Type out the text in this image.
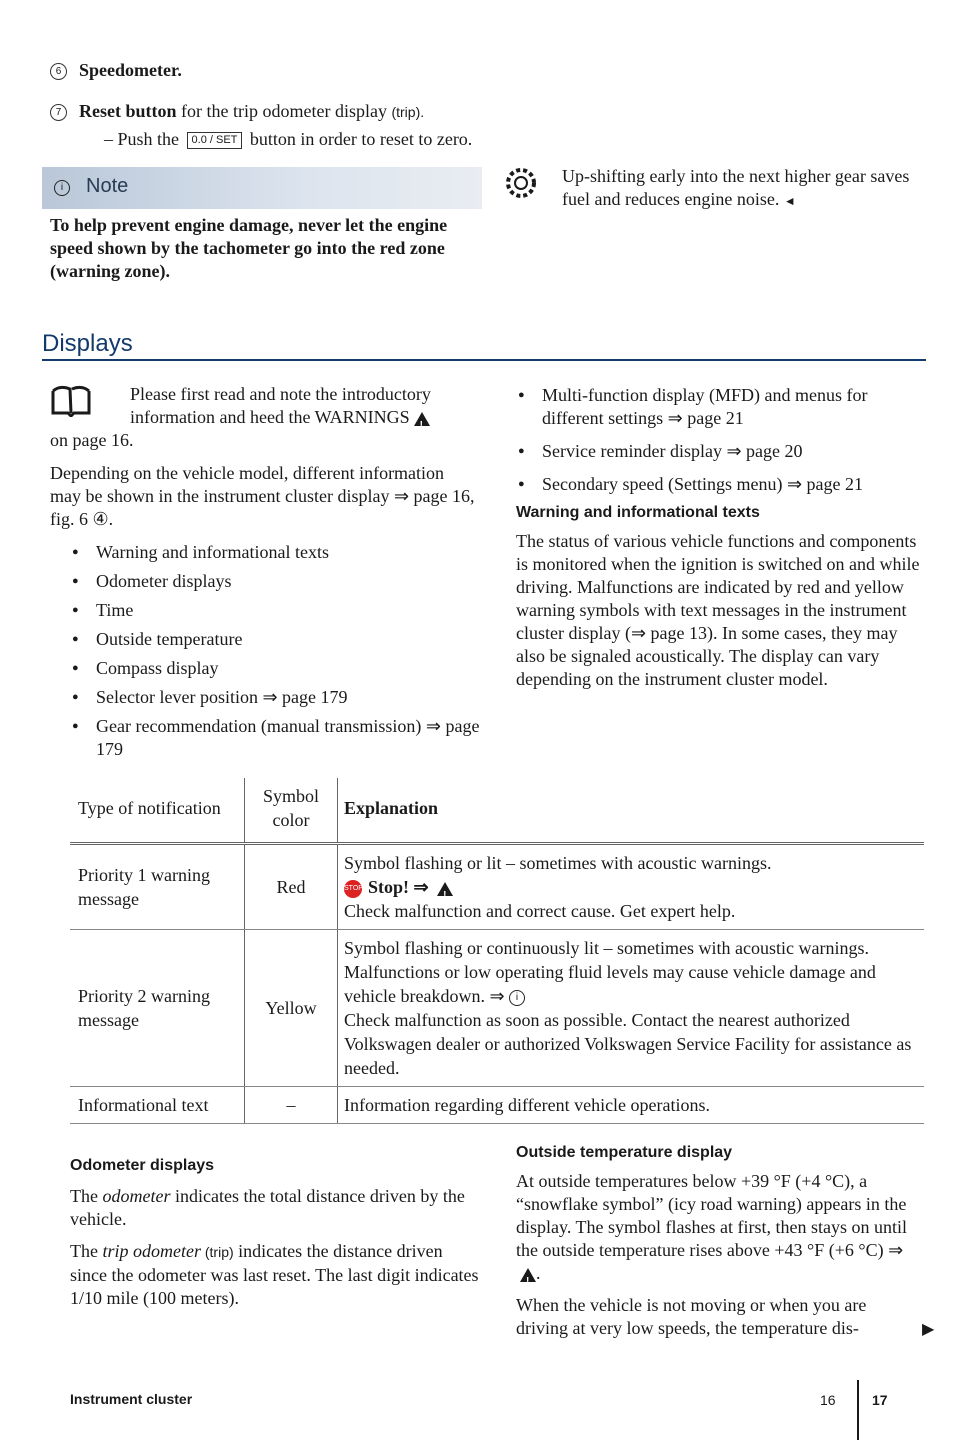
6 Speedometer.
7 Reset button for the trip odometer display (trip).
– Push the 0.0 / SET button in order to reset to zero.
i	Note
To help prevent engine damage, never let the engine speed shown by the tachometer go into the red zone (warning zone).
Up-shifting early into the next higher gear saves fuel and reduces engine noise. ◄
Displays
Please first read and note the introductory information and heed the WARNINGS!
on page 16.
Depending on the vehicle model, different information may be shown in the instrument cluster display ⇒ page 16, fig. 6 ④.
● Warning and informational texts
● Odometer displays
● Time
● Outside temperature
● Compass display
● Selector lever position ⇒ page 179
● Gear recommendation (manual transmission) ⇒ page 179
● Multi-function display (MFD) and menus for different settings ⇒ page 21
● Service reminder display ⇒ page 20
● Secondary speed (Settings menu) ⇒ page 21
Warning and informational texts
The status of various vehicle functions and components is monitored when the ignition is switched on and while driving. Malfunctions are indicated by red and yellow warning symbols with text messages in the instrument cluster display (⇒ page 13). In some cases, they may also be signaled acoustically. The display can vary depending on the instrument cluster model.
Type of notification	Symbol color	Explanation
Priority 1 warning message	Red	Symbol flashing or lit – sometimes with acoustic warnings.
STOP Stop! ⇒ !
Check malfunction and correct cause. Get expert help.

Priority 2 warning message	Yellow	Symbol flashing or continuously lit – sometimes with acoustic warnings.
Malfunctions or low operating fluid levels may cause vehicle damage and vehicle breakdown. ⇒ i
Check malfunction as soon as possible. Contact the nearest authorized Volkswagen dealer or authorized Volkswagen Service Facility for assistance as needed.

Informational text	–	Information regarding different vehicle operations.
Odometer displays
The odometer indicates the total distance driven by the vehicle.
The trip odometer (trip) indicates the distance driven since the odometer was last reset. The last digit indicates 1/10 mile (100 meters).
Outside temperature display
At outside temperatures below +39 °F (+4 °C), a “snowflake symbol” (icy road warning) appears in the display. The symbol flashes at first, then stays on until the outside temperature rises above +43 °F (+6 °C) ⇒ !.
When the vehicle is not moving or when you are driving at very low speeds, the temperature dis-	▶
Instrument cluster	16	17
